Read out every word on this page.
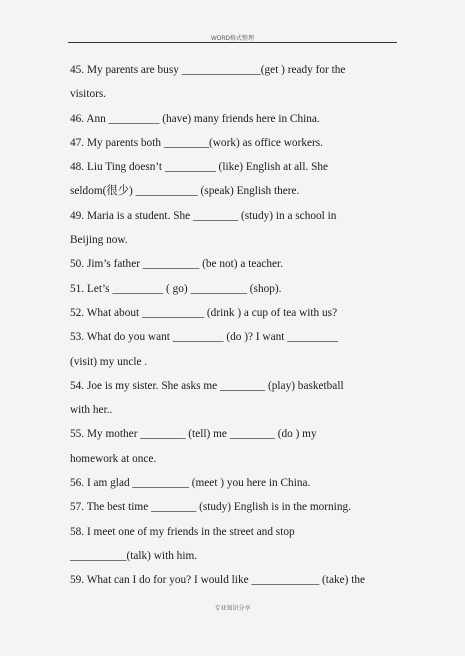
WORD格式整理
45. My parents are busy ______________(get ) ready for the
visitors.
46. Ann _________ (have) many friends here in China.
47. My parents both ________(work) as office workers.
48. Liu Ting doesn’t _________ (like) English at all. She
seldom(很少) ___________ (speak) English there.
49. Maria is a student. She ________ (study) in a school in
Beijing now.
50. Jim’s father __________ (be not) a teacher.
51. Let’s _________ ( go) __________ (shop).
52. What about ___________ (drink ) a cup of tea with us?
53. What do you want _________ (do )? I want _________
(visit) my uncle .
54. Joe is my sister. She asks me ________ (play) basketball
with her..
55. My mother ________ (tell) me ________ (do ) my
homework at once.
56. I am glad __________ (meet ) you here in China.
57. The best time ________ (study) English is in the morning.
58. I meet one of my friends in the street and stop
__________(talk) with him.
59. What can I do for you? I would like ____________ (take) the
专业知识分享
